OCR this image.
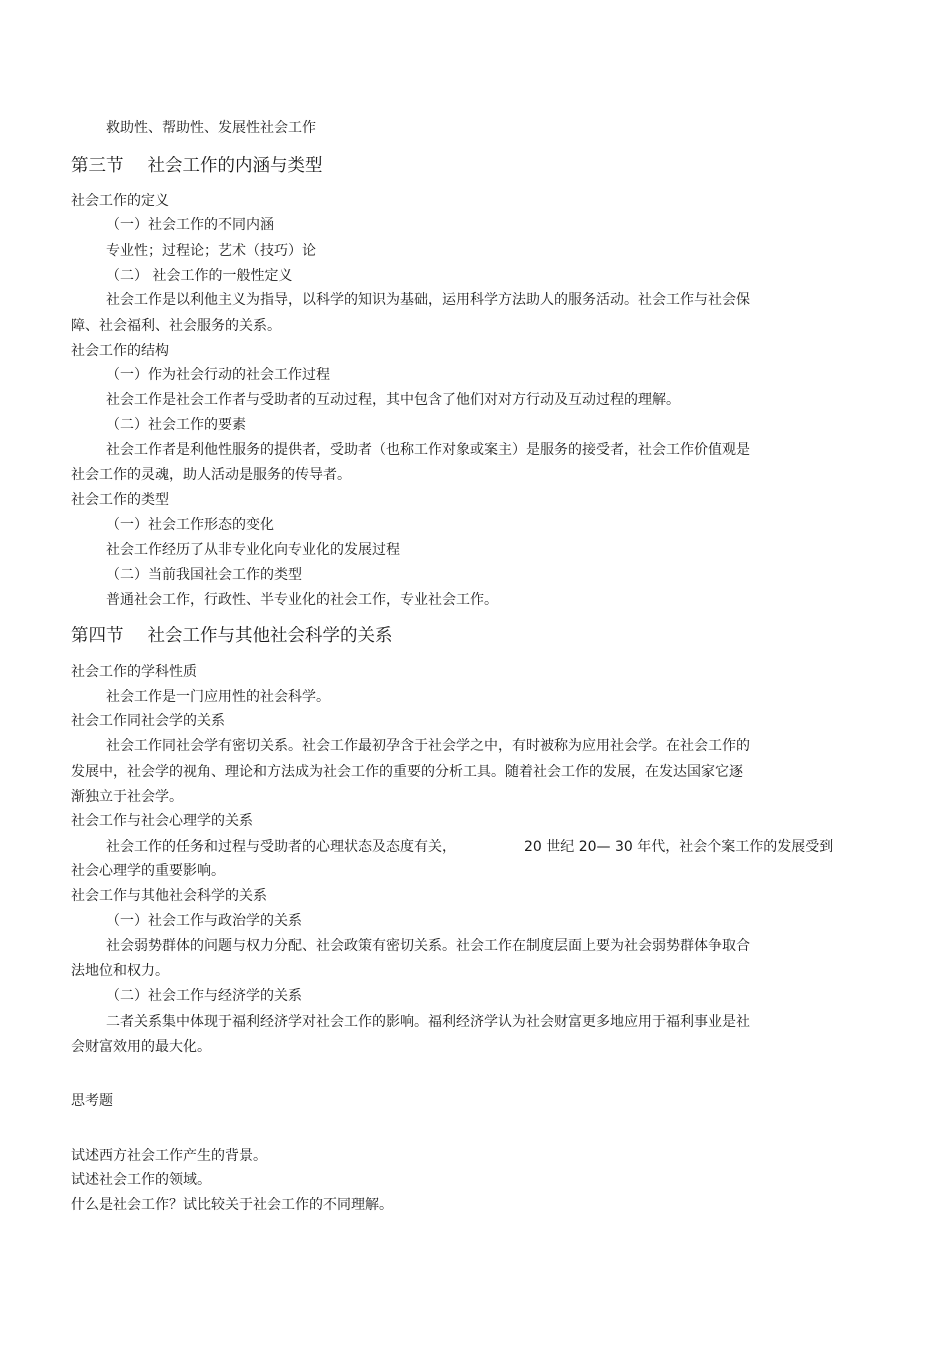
救助性、帮助性、发展性社会工作
第三节 社会工作的内涵与类型
社会工作的定义
（一）社会工作的不同内涵
专业性；过程论；艺术（技巧）论
（二） 社会工作的一般性定义
社会工作是以利他主义为指导，以科学的知识为基础，运用科学方法助人的服务活动。社会工作与社会保
障、社会福利、社会服务的关系。
社会工作的结构
（一）作为社会行动的社会工作过程
社会工作是社会工作者与受助者的互动过程，其中包含了他们对对方行动及互动过程的理解。
（二）社会工作的要素
社会工作者是利他性服务的提供者，受助者（也称工作对象或案主）是服务的接受者，社会工作价值观是
社会工作的灵魂，助人活动是服务的传导者。
社会工作的类型
（一）社会工作形态的变化
社会工作经历了从非专业化向专业化的发展过程
（二）当前我国社会工作的类型
普通社会工作，行政性、半专业化的社会工作，专业社会工作。
第四节 社会工作与其他社会科学的关系
社会工作的学科性质
社会工作是一门应用性的社会科学。
社会工作同社会学的关系
社会工作同社会学有密切关系。社会工作最初孕含于社会学之中，有时被称为应用社会学。在社会工作的
发展中，社会学的视角、理论和方法成为社会工作的重要的分析工具。随着社会工作的发展，在发达国家它逐
渐独立于社会学。
社会工作与社会心理学的关系
社会工作的任务和过程与受助者的心理状态及态度有关，	20 世纪 20— 30 年代，社会个案工作的发展受到
社会心理学的重要影响。
社会工作与其他社会科学的关系
（一）社会工作与政治学的关系
社会弱势群体的问题与权力分配、社会政策有密切关系。社会工作在制度层面上要为社会弱势群体争取合
法地位和权力。
（二）社会工作与经济学的关系
二者关系集中体现于福利经济学对社会工作的影响。福利经济学认为社会财富更多地应用于福利事业是社
会财富效用的最大化。
思考题
试述西方社会工作产生的背景。
试述社会工作的领域。
什么是社会工作？试比较关于社会工作的不同理解。
